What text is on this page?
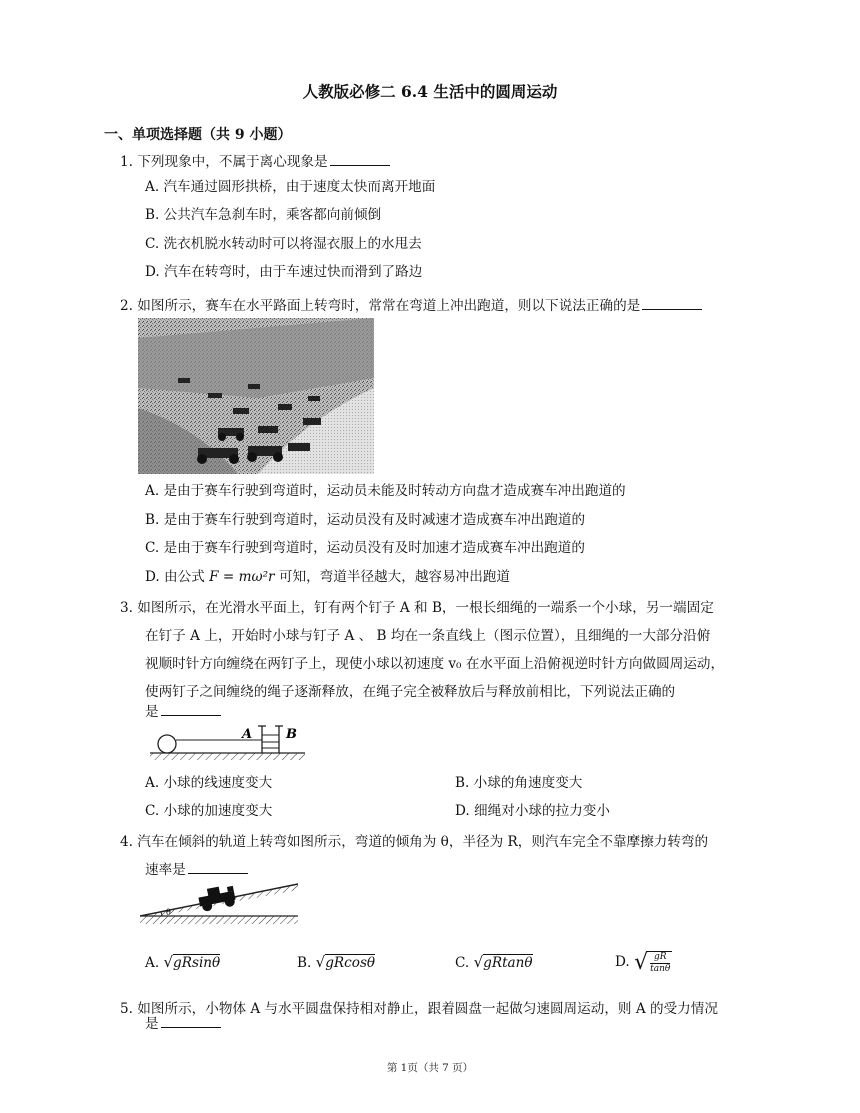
人教版必修二 6.4 生活中的圆周运动
一、单项选择题（共 9 小题）
1. 下列现象中，不属于离心现象是
A. 汽车通过圆形拱桥，由于速度太快而离开地面
B. 公共汽车急刹车时，乘客都向前倾倒
C. 洗衣机脱水转动时可以将湿衣服上的水甩去
D. 汽车在转弯时，由于车速过快而滑到了路边
2. 如图所示，赛车在水平路面上转弯时，常常在弯道上冲出跑道，则以下说法正确的是
A. 是由于赛车行驶到弯道时，运动员未能及时转动方向盘才造成赛车冲出跑道的
B. 是由于赛车行驶到弯道时，运动员没有及时减速才造成赛车冲出跑道的
C. 是由于赛车行驶到弯道时，运动员没有及时加速才造成赛车冲出跑道的
D. 由公式 F = mω²r 可知，弯道半径越大，越容易冲出跑道
3. 如图所示，在光滑水平面上，钉有两个钉子 A 和 B，一根长细绳的一端系一个小球，另一端固定
在钉子 A 上，开始时小球与钉子 A 、 B 均在一条直线上（图示位置），且细绳的一大部分沿俯
视顺时针方向缠绕在两钉子上，现使小球以初速度 v₀ 在水平面上沿俯视逆时针方向做圆周运动，
使两钉子之间缠绕的绳子逐渐释放，在绳子完全被释放后与释放前相比，下列说法正确的
是
A	B
A. 小球的线速度变大	B. 小球的角速度变大
C. 小球的加速度变大	D. 细绳对小球的拉力变小
4. 汽车在倾斜的轨道上转弯如图所示，弯道的倾角为 θ，半径为 R，则汽车完全不靠摩擦力转弯的
速率是
θ
A. √gRsinθ	B. √gRcosθ	C. √gRtanθ	D. √ $\frac{gR}{\tan\theta}$
5. 如图所示，小物体 A 与水平圆盘保持相对静止，跟着圆盘一起做匀速圆周运动，则 A 的受力情况
是
第 1页（共 7 页）
